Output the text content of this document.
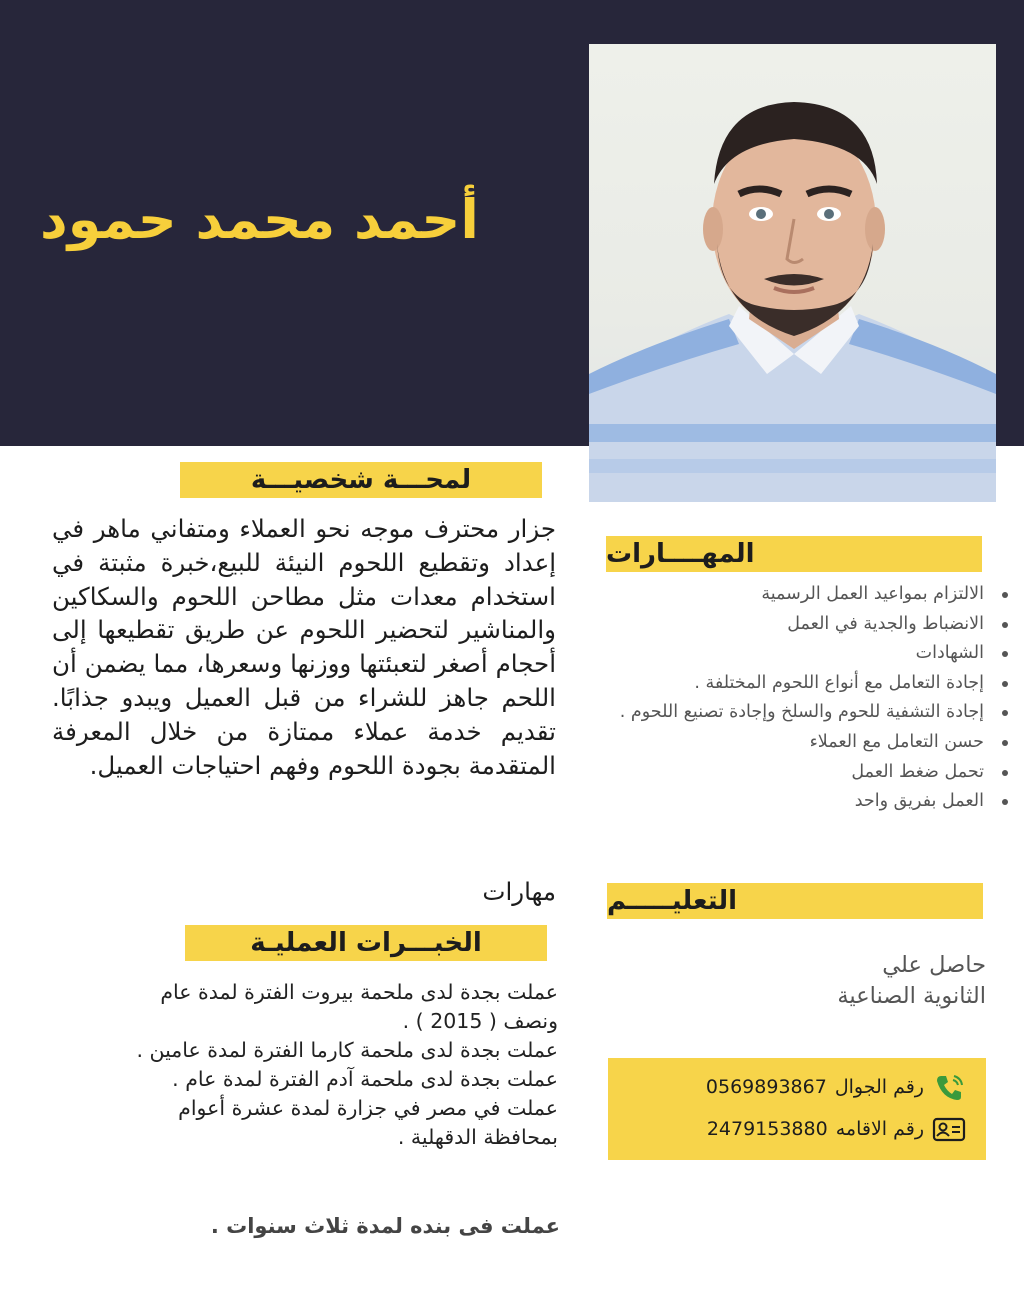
أحمد محمد حمود
لمحـــة شخصيـــة
جزار محترف موجه نحو العملاء ومتفاني ماهر في إعداد وتقطيع اللحوم النيئة للبيع،خبرة مثبتة في استخدام معدات مثل مطاحن اللحوم والسكاكين والمناشير لتحضير اللحوم عن طريق تقطيعها إلى أحجام أصغر لتعبئتها ووزنها وسعرها، مما يضمن أن اللحم جاهز للشراء من قبل العميل ويبدو جذابًا. تقديم خدمة عملاء ممتازة من خلال المعرفة المتقدمة بجودة اللحوم وفهم احتياجات العميل.
مهارات
الخبـــرات العمليـة

عملت بجدة لدى ملحمة بيروت الفترة لمدة عام ونصف ( 2015 ) .

عملت بجدة لدى ملحمة كارما الفترة لمدة عامين .

عملت بجدة لدى ملحمة آدم الفترة لمدة عام .

عملت في مصر في جزارة لمدة عشرة أعوام بمحافظة الدقهلية .

عملت فى بنده لمدة ثلاث سنوات .
المهــــارات
الالتزام بمواعيد العمل الرسمية
الانضباط والجدية في العمل
الشهادات
إجادة التعامل مع أنواع اللحوم المختلفة .
إجادة التشفية للحوم والسلخ وإجادة تصنيع اللحوم .
حسن التعامل مع العملاء
تحمل ضغط العمل
العمل بفريق واحد
التعليـــــم
حاصل علي
الثانوية الصناعية
رقم الجوال
0569893867
رقم الاقامه
2479153880
